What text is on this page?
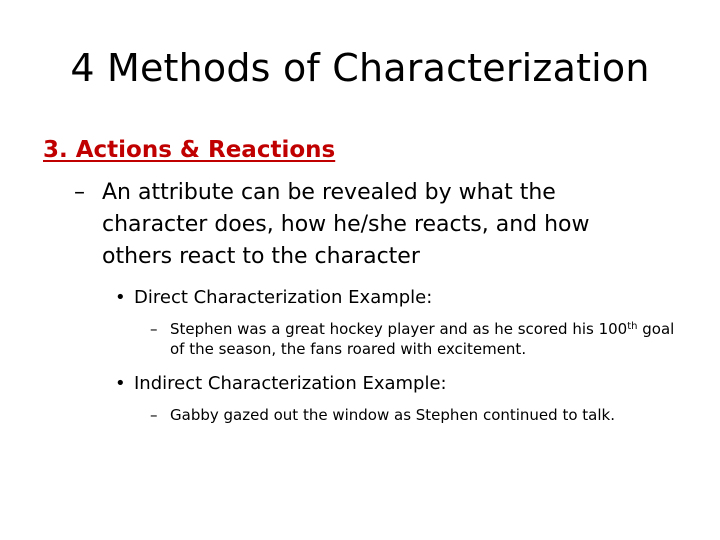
4 Methods of Characterization
3. Actions & Reactions
– An attribute can be revealed by what the character does, how he/she reacts, and how others react to the character
• Direct Characterization Example:
– Stephen was a great hockey player and as he scored his 100th goal of the season, the fans roared with excitement.
• Indirect Characterization Example:
– Gabby gazed out the window as Stephen continued to talk.
